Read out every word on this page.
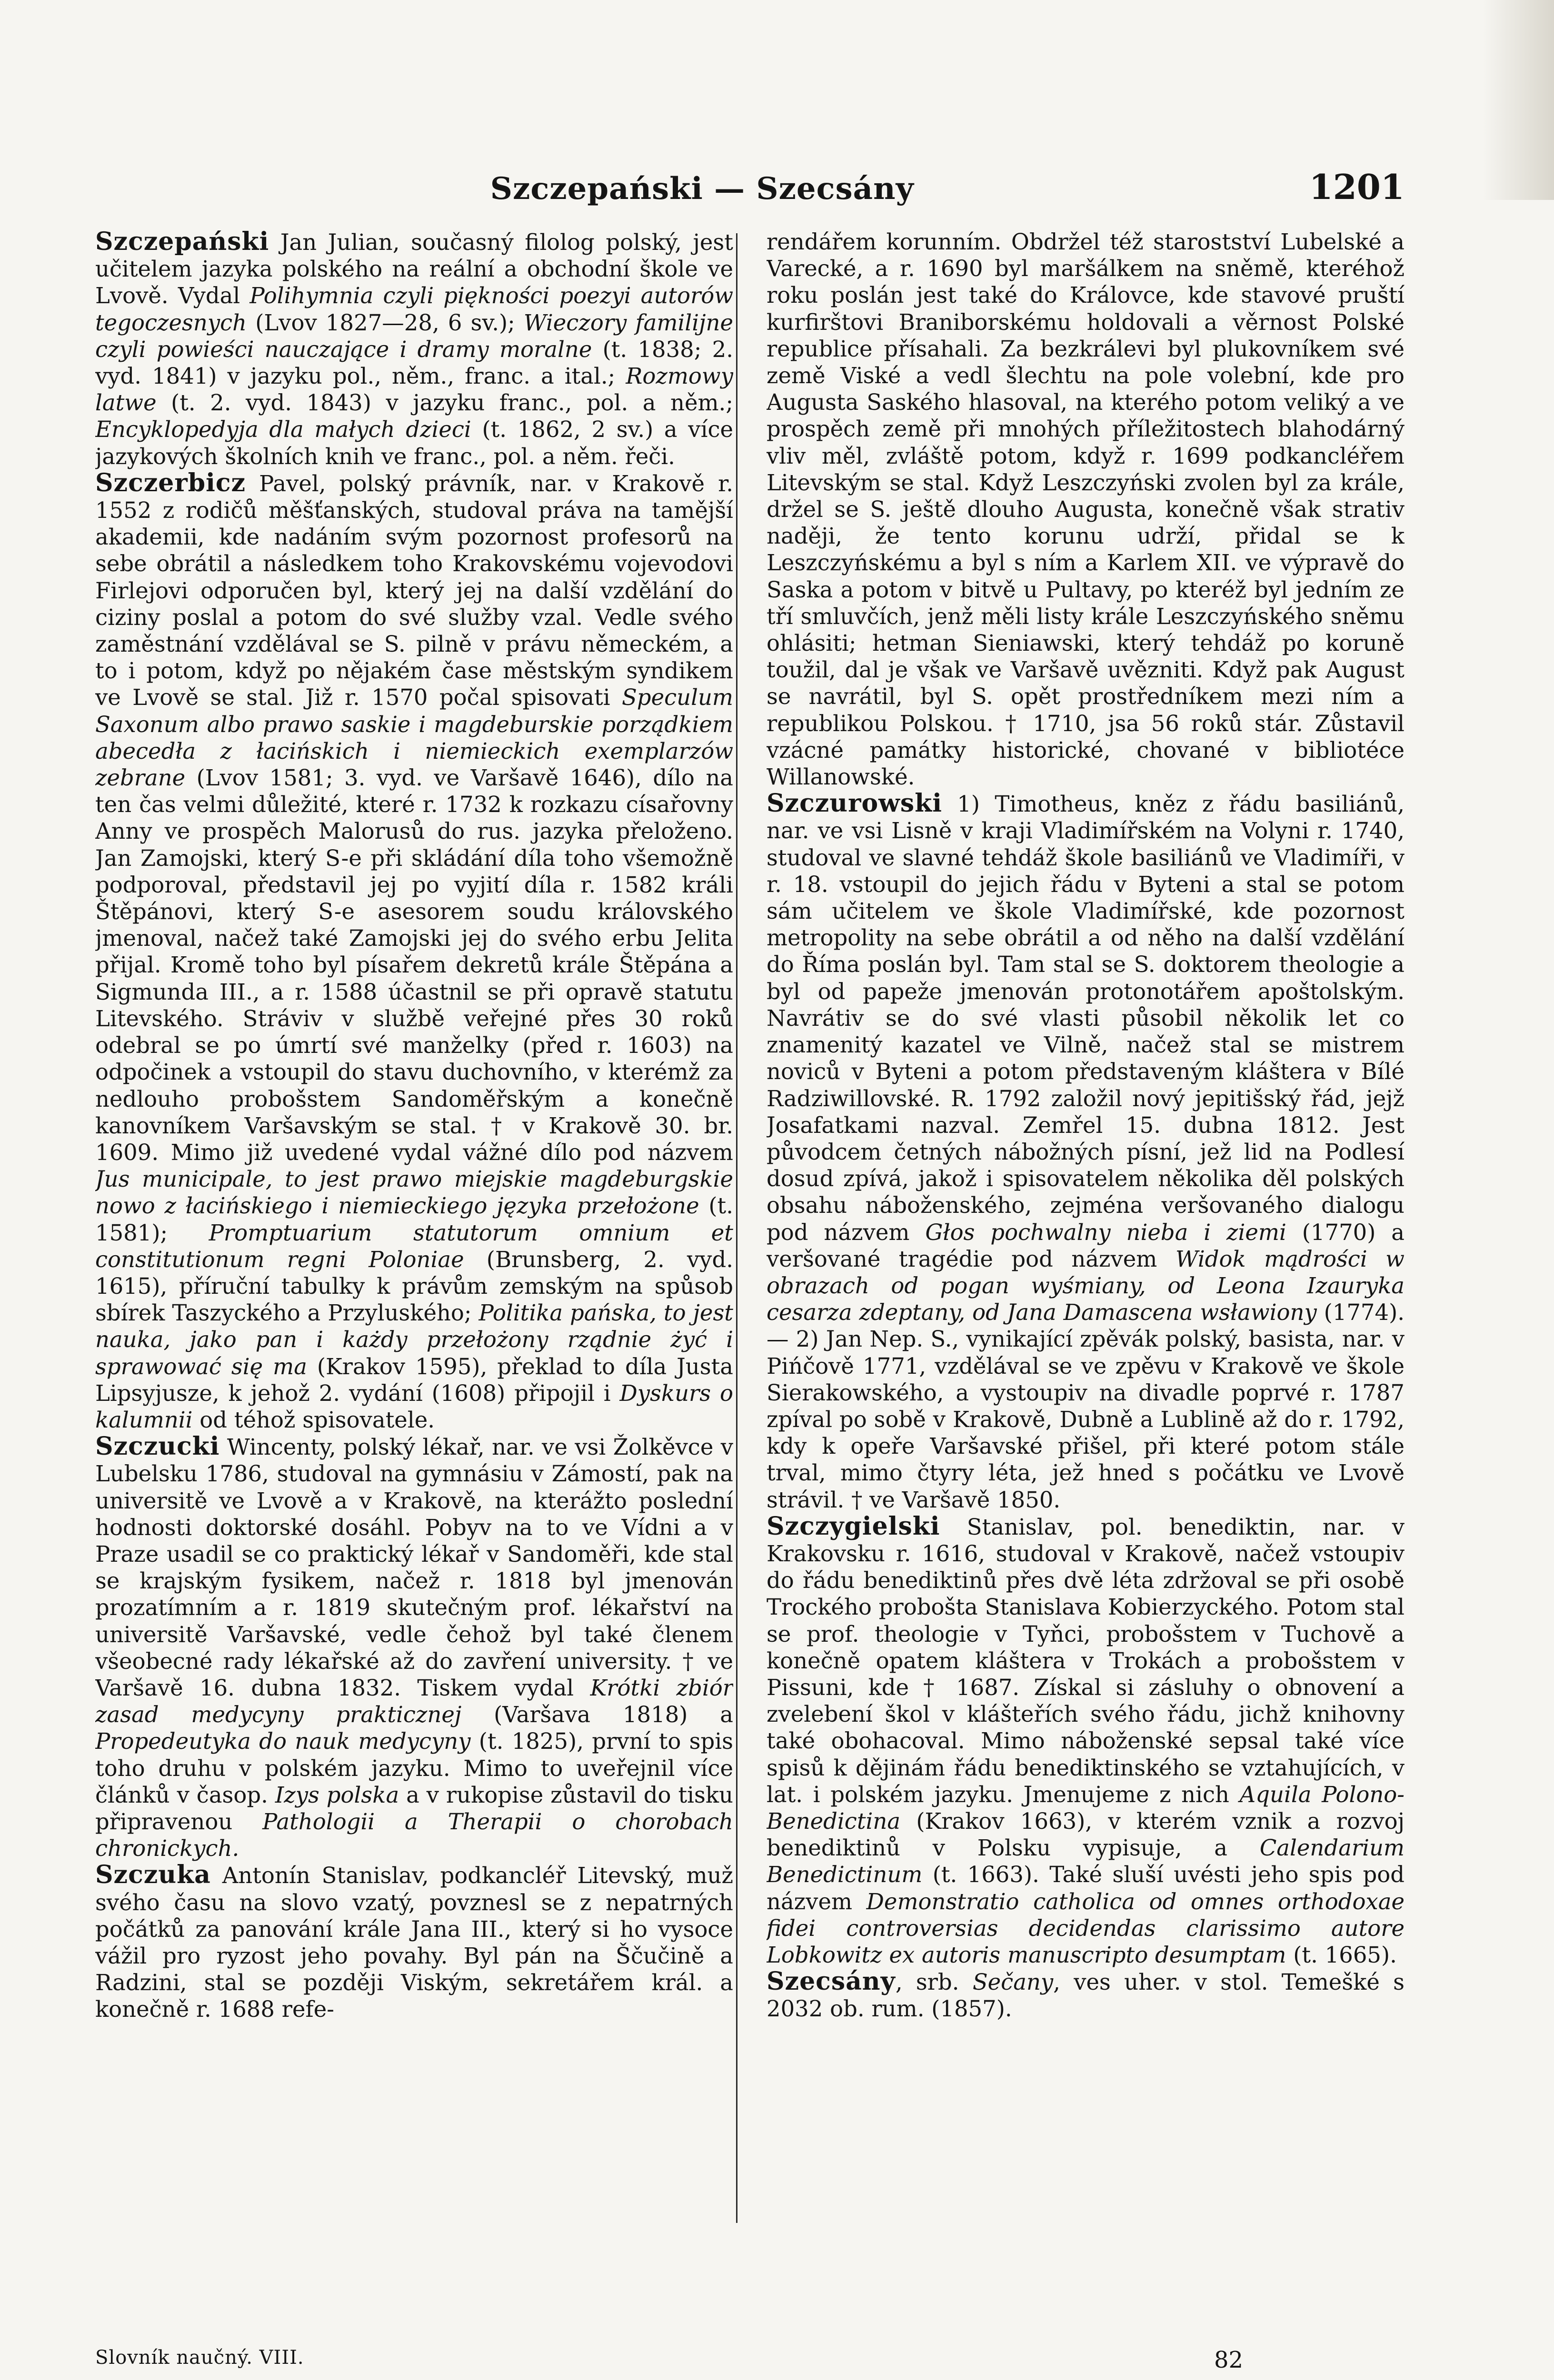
Szczepański — Szecsány	1201

Szczepański Jan Julian, současný filolog polský, jest učitelem jazyka polského na reální a obchodní škole ve Lvově. Vydal Polihymnia czyli piękności poezyi autorów tegoczesnych (Lvov 1827—28, 6 sv.); Wieczory familijne czyli powieści nauczające i dramy moralne (t. 1838; 2. vyd. 1841) v jazyku pol., něm., franc. a ital.; Rozmowy latwe (t. 2. vyd. 1843) v jazyku franc., pol. a něm.; Encyklopedyja dla małych dzieci (t. 1862, 2 sv.) a více jazykových školních knih ve franc., pol. a něm. řeči.

Szczerbicz Pavel, polský právník, nar. v Krakově r. 1552 z rodičů měšťanských, studoval práva na tamější akademii, kde nadáním svým pozornost profesorů na sebe obrátil a následkem toho Krakovskému vojevodovi Firlejovi odporučen byl, který jej na další vzdělání do ciziny poslal a potom do své služby vzal. Vedle svého zaměstnání vzdělával se S. pilně v právu německém, a to i potom, když po nějakém čase městským syndikem ve Lvově se stal. Již r. 1570 počal spisovati Speculum Saxonum albo prawo saskie i magdeburskie porządkiem abecedła z łacińskich i niemieckich exemplarzów zebrane (Lvov 1581; 3. vyd. ve Varšavě 1646), dílo na ten čas velmi důležité, které r. 1732 k rozkazu císařovny Anny ve prospěch Malorusů do rus. jazyka přeloženo. Jan Zamojski, který S-e při skládání díla toho všemožně podporoval, představil jej po vyjití díla r. 1582 králi Štěpánovi, který S-e asesorem soudu královského jmenoval, načež také Zamojski jej do svého erbu Jelita přijal. Kromě toho byl písařem dekretů krále Štěpána a Sigmunda III., a r. 1588 účastnil se při opravě statutu Litevského. Stráviv v službě veřejné přes 30 roků odebral se po úmrtí své manželky (před r. 1603) na odpočinek a vstoupil do stavu duchovního, v kterémž za nedlouho probošstem Sandoměřským a konečně kanovníkem Varšavským se stal. † v Krakově 30. br. 1609. Mimo již uvedené vydal vážné dílo pod názvem Jus municipale, to jest prawo miejskie magdeburgskie nowo z łacińskiego i niemieckiego języka przełożone (t. 1581); Promptuarium statutorum omnium et constitutionum regni Poloniae (Brunsberg, 2. vyd. 1615), příruční tabulky k právům zemským na spůsob sbírek Taszyckého a Przyluského; Politika pańska, to jest nauka, jako pan i każdy przełożony rządnie żyć i sprawować się ma (Krakov 1595), překlad to díla Justa Lipsyjusze, k jehož 2. vydání (1608) připojil i Dyskurs o kalumnii od téhož spisovatele.

Szczucki Wincenty, polský lékař, nar. ve vsi Žolkěvce v Lubelsku 1786, studoval na gymnásiu v Zámostí, pak na universitě ve Lvově a v Krakově, na kterážto poslední hodnosti doktorské dosáhl. Pobyv na to ve Vídni a v Praze usadil se co praktický lékař v Sandoměři, kde stal se krajským fysikem, načež r. 1818 byl jmenován prozatímním a r. 1819 skutečným prof. lékařství na universitě Varšavské, vedle čehož byl také členem všeobecné rady lékařské až do zavření university. † ve Varšavě 16. dubna 1832. Tiskem vydal Krótki zbiór zasad medycyny prakticznej (Varšava 1818) a Propedeutyka do nauk medycyny (t. 1825), první to spis toho druhu v polském jazyku. Mimo to uveřejnil více článků v časop. Izys polska a v rukopise zůstavil do tisku připravenou Pathologii a Therapii o chorobach chronickych.

Szczuka Antonín Stanislav, podkancléř Litevský, muž svého času na slovo vzatý, povznesl se z nepatrných počátků za panování krále Jana III., který si ho vysoce vážil pro ryzost jeho povahy. Byl pán na Ščučině a Radzini, stal se později Viským, sekretářem král. a konečně r. 1688 refe-

rendářem korunním. Obdržel též starostství Lubelské a Varecké, a r. 1690 byl maršálkem na sněmě, kteréhož roku poslán jest také do Královce, kde stavové pruští kurfirštovi Braniborskému holdovali a věrnost Polské republice přísahali. Za bezkrálevi byl plukovníkem své země Viské a vedl šlechtu na pole volební, kde pro Augusta Saského hlasoval, na kterého potom veliký a ve prospěch země při mnohých příležitostech blahodárný vliv měl, zvláště potom, když r. 1699 podkancléřem Litevským se stal. Když Leszczyński zvolen byl za krále, držel se S. ještě dlouho Augusta, konečně však strativ naději, že tento korunu udrží, přidal se k Leszczyńskému a byl s ním a Karlem XII. ve výpravě do Saska a potom v bitvě u Pultavy, po kteréž byl jedním ze tří smluvčích, jenž měli listy krále Leszczyńského sněmu ohlásiti; hetman Sieniawski, který tehdáž po koruně toužil, dal je však ve Varšavě uvězniti. Když pak August se navrátil, byl S. opět prostředníkem mezi ním a republikou Polskou. † 1710, jsa 56 roků stár. Zůstavil vzácné památky historické, chované v bibliotéce Willanowské.

Szczurowski 1) Timotheus, kněz z řádu basiliánů, nar. ve vsi Lisně v kraji Vladimířském na Volyni r. 1740, studoval ve slavné tehdáž škole basiliánů ve Vladimíři, v r. 18. vstoupil do jejich řádu v Byteni a stal se potom sám učitelem ve škole Vladimířské, kde pozornost metropolity na sebe obrátil a od něho na další vzdělání do Říma poslán byl. Tam stal se S. doktorem theologie a byl od papeže jmenován protonotářem apoštolským. Navrátiv se do své vlasti působil několik let co znamenitý kazatel ve Vilně, načež stal se mistrem noviců v Byteni a potom představeným kláštera v Bílé Radziwillovské. R. 1792 založil nový jepitišský řád, jejž Josafatkami nazval. Zemřel 15. dubna 1812. Jest původcem četných nábožných písní, jež lid na Podlesí dosud zpívá, jakož i spisovatelem několika děl polských obsahu náboženského, zejména veršovaného dialogu pod názvem Głos pochwalny nieba i ziemi (1770) a veršované tragédie pod názvem Widok mądrości w obrazach od pogan wyśmiany, od Leona Izauryka cesarza zdeptany, od Jana Damascena wsławiony (1774). — 2) Jan Nep. S., vynikající zpěvák polský, basista, nar. v Pińčově 1771, vzdělával se ve zpěvu v Krakově ve škole Sierakowského, a vystoupiv na divadle poprvé r. 1787 zpíval po sobě v Krakově, Dubně a Lublině až do r. 1792, kdy k opeře Varšavské přišel, při které potom stále trval, mimo čtyry léta, jež hned s počátku ve Lvově strávil. † ve Varšavě 1850.

Szczygielski Stanislav, pol. benediktin, nar. v Krakovsku r. 1616, studoval v Krakově, načež vstoupiv do řádu benediktinů přes dvě léta zdržoval se při osobě Trockého probošta Stanislava Kobierzyckého. Potom stal se prof. theologie v Tyňci, probošstem v Tuchově a konečně opatem kláštera v Trokách a probošstem v Pissuni, kde † 1687. Získal si zásluhy o obnovení a zvelebení škol v klášteřích svého řádu, jichž knihovny také obohacoval. Mimo náboženské sepsal také více spisů k dějinám řádu benediktinského se vztahujících, v lat. i polském jazyku. Jmenujeme z nich Aquila Polono-Benedictina (Krakov 1663), v kterém vznik a rozvoj benediktinů v Polsku vypisuje, a Calendarium Benedictinum (t. 1663). Také sluší uvésti jeho spis pod názvem Demonstratio catholica od omnes orthodoxae fidei controversias decidendas clarissimo autore Lobkowitz ex autoris manuscripto desumptam (t. 1665).

Szecsány, srb. Sečany, ves uher. v stol. Temešké s 2032 ob. rum. (1857).

Slovník naučný. VIII.	82
